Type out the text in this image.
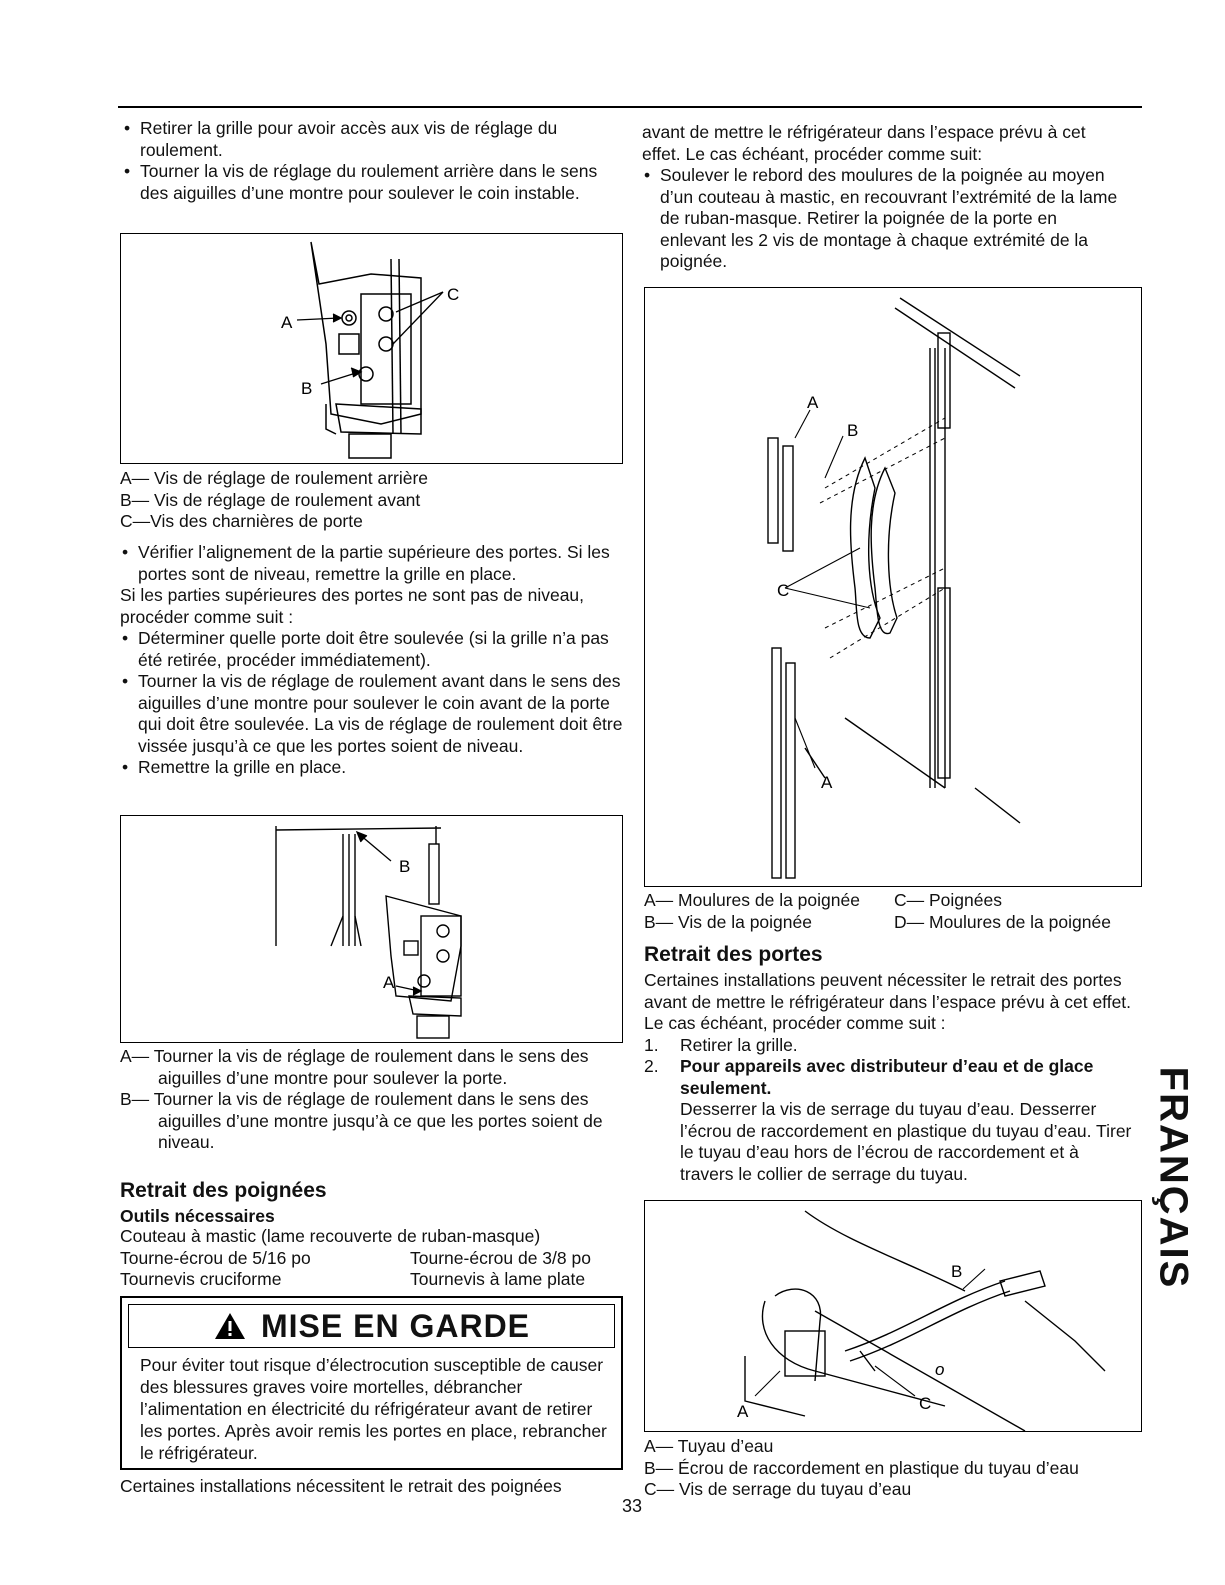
• Retirer la grille pour avoir accès aux vis de réglage du roulement.
• Tourner la vis de réglage du roulement arrière dans le sens des aiguilles d’une montre pour soulever le coin instable.
A
B
C
A— Vis de réglage de roulement arrière
B— Vis de réglage de roulement avant
C—Vis des charnières de porte
• Vérifier l’alignement de la partie supérieure des portes. Si les portes sont de niveau, remettre la grille en place.
Si les parties supérieures des portes ne sont pas de niveau, procéder comme suit :
• Déterminer quelle porte doit être soulevée (si la grille n’a pas été retirée, procéder immédiatement).
• Tourner la vis de réglage de roulement avant dans le sens des aiguilles d’une montre pour soulever le coin avant de la porte qui doit être soulevée. La vis de réglage de roulement doit être vissée jusqu’à ce que les portes soient de niveau.
• Remettre la grille en place.
B
A
A— Tourner la vis de réglage de roulement dans le sens des aiguilles d’une montre pour soulever la porte.
B— Tourner la vis de réglage de roulement dans le sens des aiguilles d’une montre jusqu’à ce que les portes soient de niveau.
Retrait des poignées
Outils nécessaires
Couteau à mastic (lame recouverte de ruban-masque)
Tourne-écrou de 5/16 po	Tourne-écrou de 3/8 po
Tournevis cruciforme	Tournevis à lame plate
MISE EN GARDE
Pour éviter tout risque d’électrocution susceptible de causer des blessures graves voire mortelles, débrancher l’alimentation en électricité du réfrigérateur avant de retirer les portes. Après avoir remis les portes en place, rebrancher le réfrigérateur.
Certaines installations nécessitent le retrait des poignées
avant de mettre le réfrigérateur dans l’espace prévu à cet effet. Le cas échéant, procéder comme suit:
• Soulever le rebord des moulures de la poignée au moyen d’un couteau à mastic, en recouvrant l’extrémité de la lame de ruban-masque. Retirer la poignée de la porte en enlevant les 2 vis de montage à chaque extrémité de la poignée.
A
B
C
A
A— Moulures de la poignée	C— Poignées
B— Vis de la poignée	D— Moulures de la poignée
Retrait des portes
Certaines installations peuvent nécessiter le retrait des portes avant de mettre le réfrigérateur dans l’espace prévu à cet effet. Le cas échéant, procéder comme suit :
1. Retirer la grille.
2. Pour appareils avec distributeur d’eau et de glace seulement.
Desserrer la vis de serrage du tuyau d’eau. Desserrer l’écrou de raccordement en plastique du tuyau d’eau. Tirer le tuyau d’eau hors de l’écrou de raccordement et à travers le collier de serrage du tuyau.
B
A	C
o
A— Tuyau d’eau
B— Écrou de raccordement en plastique du tuyau d’eau
C— Vis de serrage du tuyau d’eau
FRANÇAIS
33
